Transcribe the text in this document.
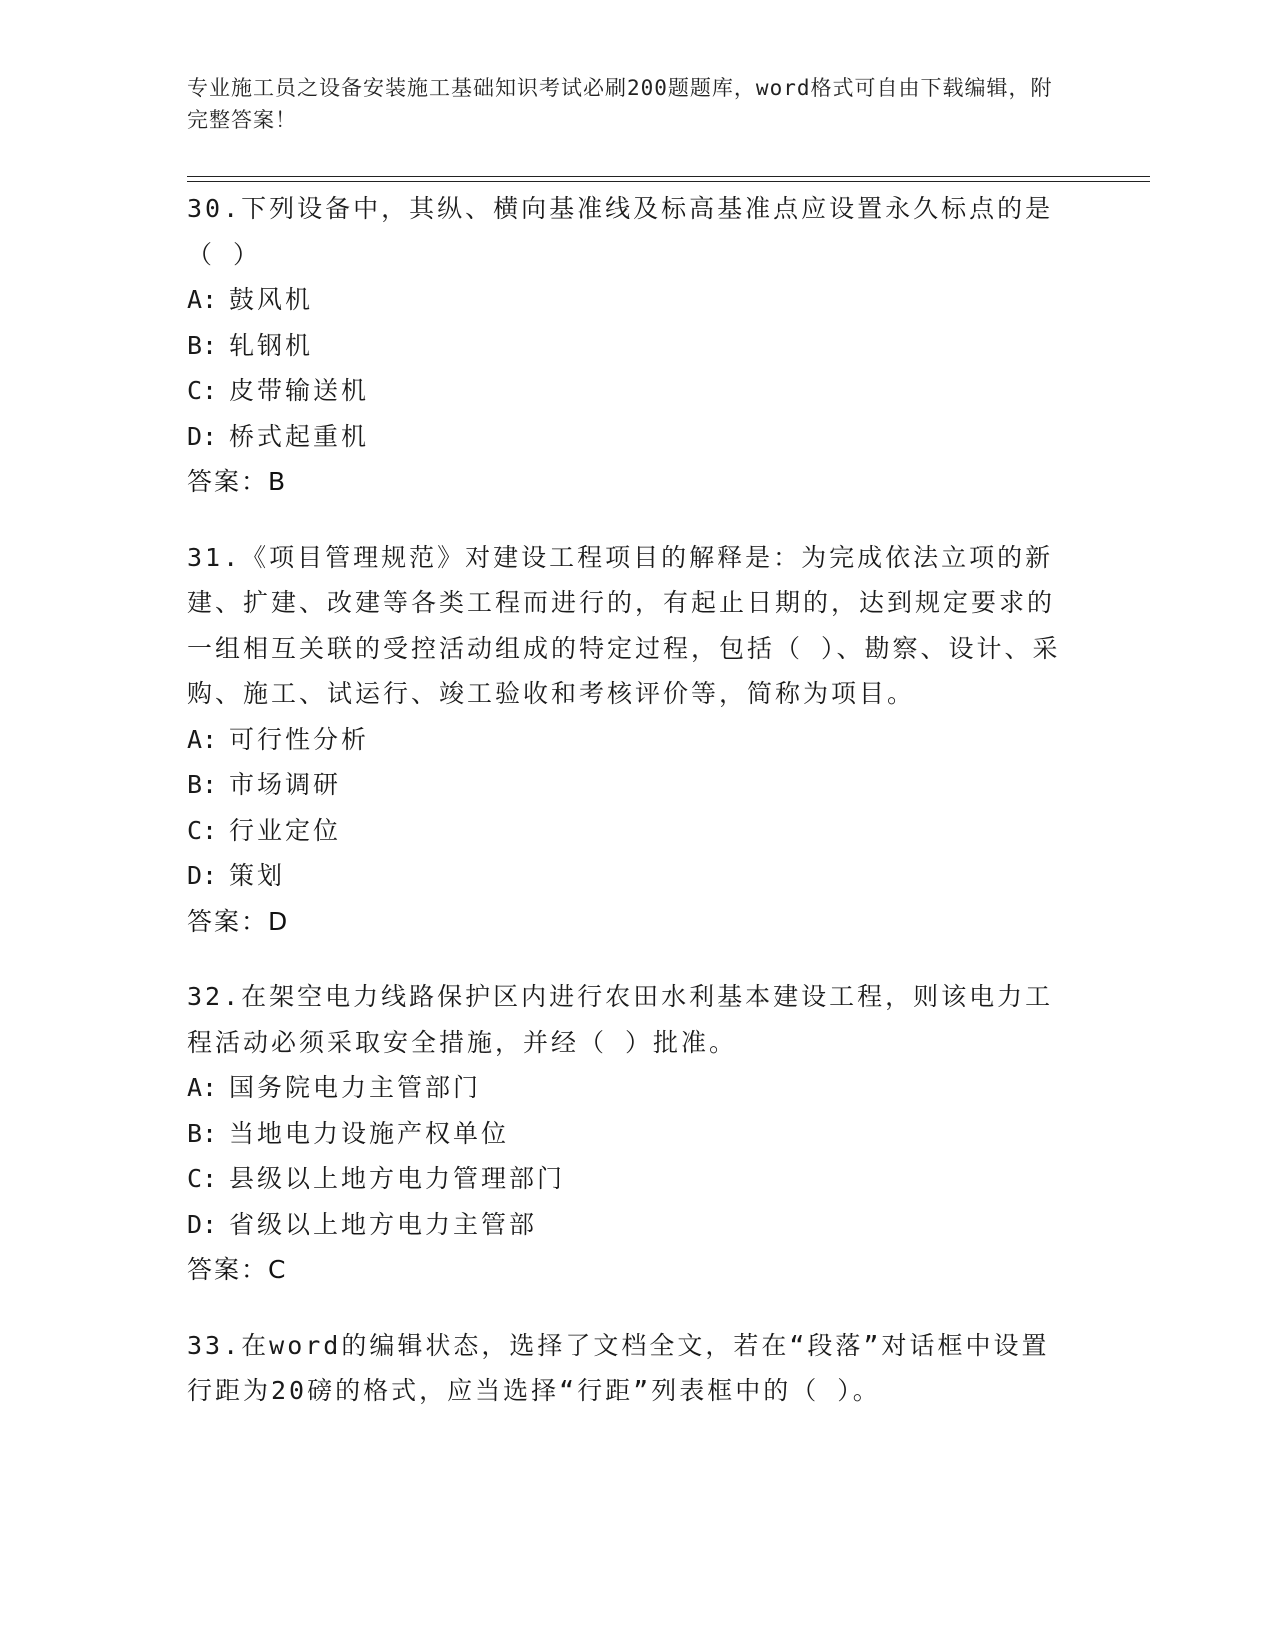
专业施工员之设备安装施工基础知识考试必刷200题题库，word格式可自由下载编辑，附完整答案！
30.下列设备中，其纵、横向基准线及标高基准点应设置永久标点的是（ ）
A: 鼓风机
B: 轧钢机
C: 皮带输送机
D: 桥式起重机
答案：B
31.《项目管理规范》对建设工程项目的解释是：为完成依法立项的新建、扩建、改建等各类工程而进行的，有起止日期的，达到规定要求的一组相互关联的受控活动组成的特定过程，包括（ ）、勘察、设计、采购、施工、试运行、竣工验收和考核评价等，简称为项目。
A: 可行性分析
B: 市场调研
C: 行业定位
D: 策划
答案：D
32.在架空电力线路保护区内进行农田水利基本建设工程，则该电力工程活动必须采取安全措施，并经（ ）批准。
A: 国务院电力主管部门
B: 当地电力设施产权单位
C: 县级以上地方电力管理部门
D: 省级以上地方电力主管部
答案：C
33.在word的编辑状态，选择了文档全文，若在“段落”对话框中设置行距为20磅的格式，应当选择“行距”列表框中的（ ）。
